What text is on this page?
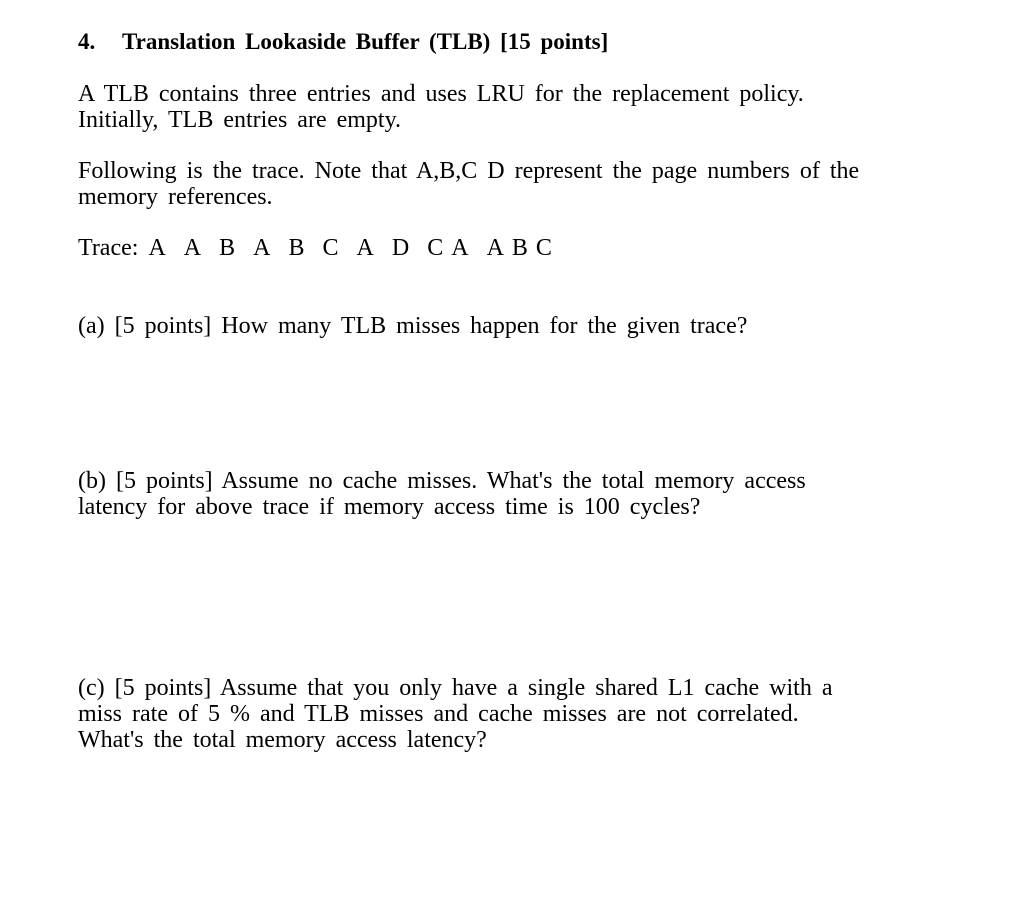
4. Translation Lookaside Buffer (TLB) [15 points]
A TLB contains three entries and uses LRU for the replacement policy.
Initially, TLB entries are empty.
Following is the trace. Note that A,B,C D represent the page numbers of the
memory references.
Trace: A A B A B C A D C A A B C
(a) [5 points] How many TLB misses happen for the given trace?
(b) [5 points] Assume no cache misses. What's the total memory access
latency for above trace if memory access time is 100 cycles?
(c) [5 points] Assume that you only have a single shared L1 cache with a
miss rate of 5 % and TLB misses and cache misses are not correlated.
What's the total memory access latency?
